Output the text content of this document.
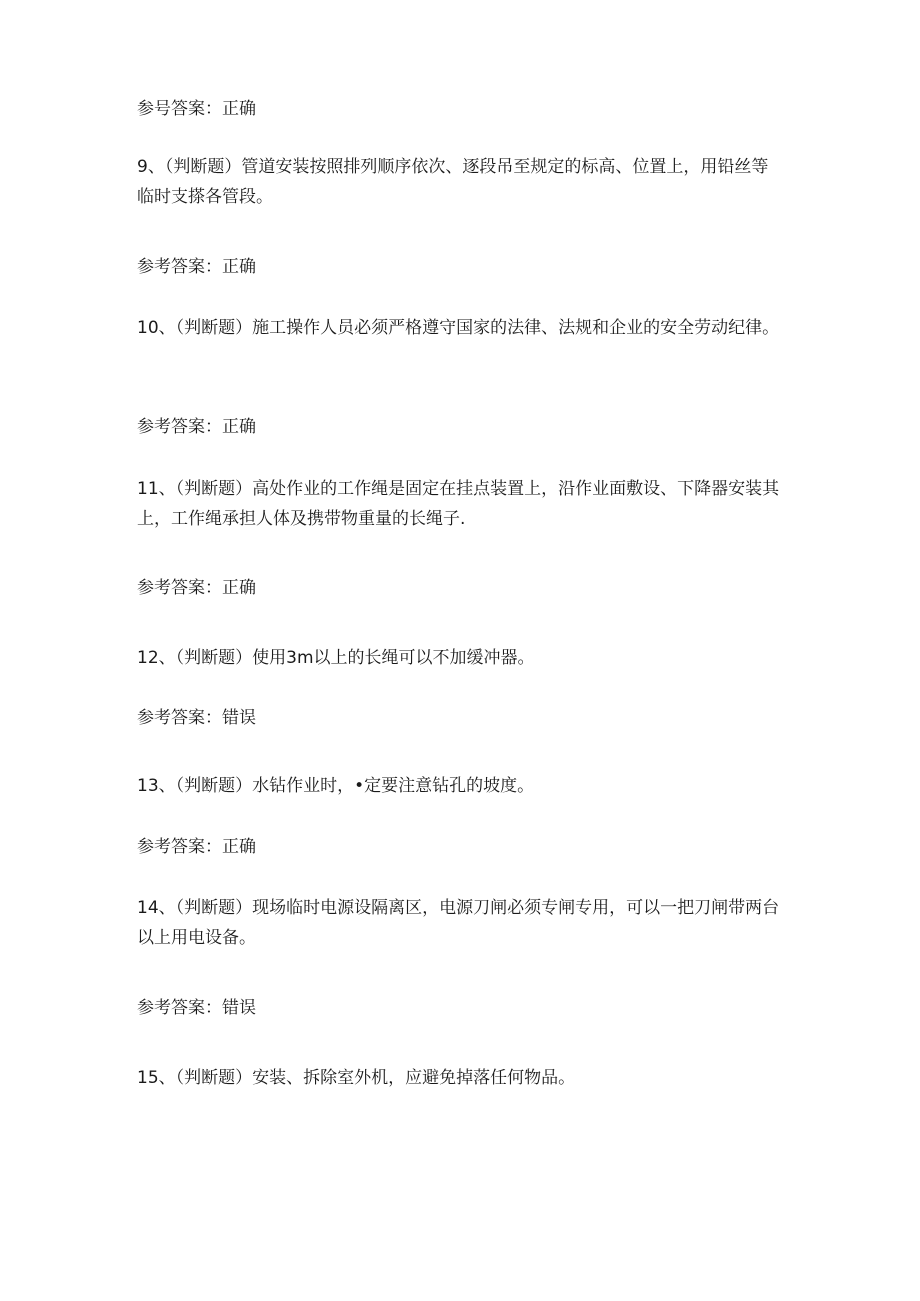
参号答案：正确

9、（判断题）管道安装按照排列顺序依次、逐段吊至规定的标高、位置上，用铅丝等临时支搽各管段。

参考答案：正确

10、（判断题）施工操作人员必须严格遵守国家的法律、法规和企业的安全劳动纪律。

参考答案：正确

11、（判断题）高处作业的工作绳是固定在挂点装置上，沿作业面敷设、下降器安装其上，工作绳承担人体及携带物重量的长绳子.

参考答案：正确

12、（判断题）使用3m以上的长绳可以不加缓冲器。

参考答案：错误

13、（判断题）水钻作业时，•定要注意钻孔的坡度。

参考答案：正确

14、（判断题）现场临时电源设隔离区，电源刀闸必须专闸专用，可以一把刀闸带两台以上用电设备。

参考答案：错误

15、（判断题）安装、拆除室外机，应避免掉落任何物品。
